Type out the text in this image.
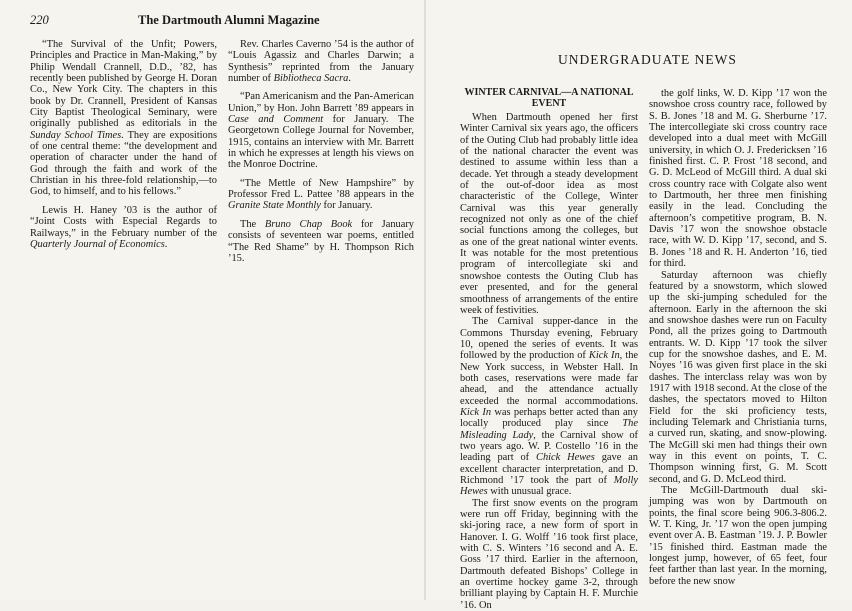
220	The Dartmouth Alumni Magazine

“The Survival of the Unfit; Powers, Principles and Practice in Man-Making,” by Philip Wendall Crannell, D.D., ’82, has recently been published by George H. Doran Co., New York City. The chapters in this book by Dr. Crannell, President of Kansas City Baptist Theological Seminary, were originally published as editorials in the Sunday School Times. They are expositions of one central theme: “the development and operation of character under the hand of God through the faith and work of the Christian in his three-fold relationship,—to God, to himself, and to his fellows.”

Lewis H. Haney ’03 is the author of “Joint Costs with Especial Regards to Railways,” in the February number of the Quarterly Journal of Economics.

Rev. Charles Caverno ’54 is the author of “Louis Agassiz and Charles Darwin; a Synthesis” reprinted from the January number of Bibliotheca Sacra.

“Pan Americanism and the Pan-American Union,” by Hon. John Barrett ’89 appears in Case and Comment for January. The Georgetown College Journal for November, 1915, contains an interview with Mr. Barrett in which he expresses at length his views on the Monroe Doctrine.

“The Mettle of New Hampshire” by Professor Fred L. Pattee ’88 appears in the Granite State Monthly for January.

The Bruno Chap Book for January consists of seventeen war poems, entitled “The Red Shame” by H. Thompson Rich ’15.

UNDERGRADUATE NEWS
WINTER CARNIVAL—A NATIONAL EVENT

When Dartmouth opened her first Winter Carnival six years ago, the officers of the Outing Club had probably little idea of the national character the event was destined to assume within less than a decade. Yet through a steady development of the out-of-door idea as most characteristic of the College, Winter Carnival was this year generally recognized not only as one of the chief social functions among the colleges, but as one of the great national winter events. It was notable for the most pretentious program of intercollegiate ski and snowshoe contests the Outing Club has ever presented, and for the general smoothness of arrangements of the entire week of festivities.

The Carnival supper-dance in the Commons Thursday evening, February 10, opened the series of events. It was followed by the production of Kick In, the New York success, in Webster Hall. In both cases, reservations were made far ahead, and the attendance actually exceeded the normal accommodations. Kick In was perhaps better acted than any locally produced play since The Misleading Lady, the Carnival show of two years ago. W. P. Costello ’16 in the leading part of Chick Hewes gave an excellent character interpretation, and D. Richmond ’17 took the part of Molly Hewes with unusual grace.

The first snow events on the program were run off Friday, beginning with the ski-joring race, a new form of sport in Hanover. I. G. Wolff ’16 took first place, with C. S. Winters ’16 second and A. E. Goss ’17 third. Earlier in the afternoon, Dartmouth defeated Bishops’ College in an overtime hockey game 3-2, through brilliant playing by Captain H. F. Murchie ’16. On

the golf links, W. D. Kipp ’17 won the snowshoe cross country race, followed by S. B. Jones ’18 and M. G. Sherburne ’17. The intercollegiate ski cross country race developed into a dual meet with McGill university, in which O. J. Fredericksen ’16 finished first. C. P. Frost ’18 second, and G. D. McLeod of McGill third. A dual ski cross country race with Colgate also went to Dartmouth, her three men finishing easily in the lead. Concluding the afternoon’s competitive program, B. N. Davis ’17 won the snowshoe obstacle race, with W. D. Kipp ’17, second, and S. B. Jones ’18 and R. H. Anderton ’16, tied for third.

Saturday afternoon was chiefly featured by a snowstorm, which slowed up the ski-jumping scheduled for the afternoon. Early in the afternoon the ski and snowshoe dashes were run on Faculty Pond, all the prizes going to Dartmouth entrants. W. D. Kipp ’17 took the silver cup for the snowshoe dashes, and E. M. Noyes ’16 was given first place in the ski dashes. The interclass relay was won by 1917 with 1918 second. At the close of the dashes, the spectators moved to Hilton Field for the ski proficiency tests, including Telemark and Christiania turns, a curved run, skating, and snow-plowing. The McGill ski men had things their own way in this event on points, T. C. Thompson winning first, G. M. Scott second, and G. D. McLeod third.

The McGill-Dartmouth dual ski-jumping was won by Dartmouth on points, the final score being 906.3-806.2. W. T. King, Jr. ’17 won the open jumping event over A. B. Eastman ’19. J. P. Bowler ’15 finished third. Eastman made the longest jump, however, of 65 feet, four feet farther than last year. In the morning, before the new snow
